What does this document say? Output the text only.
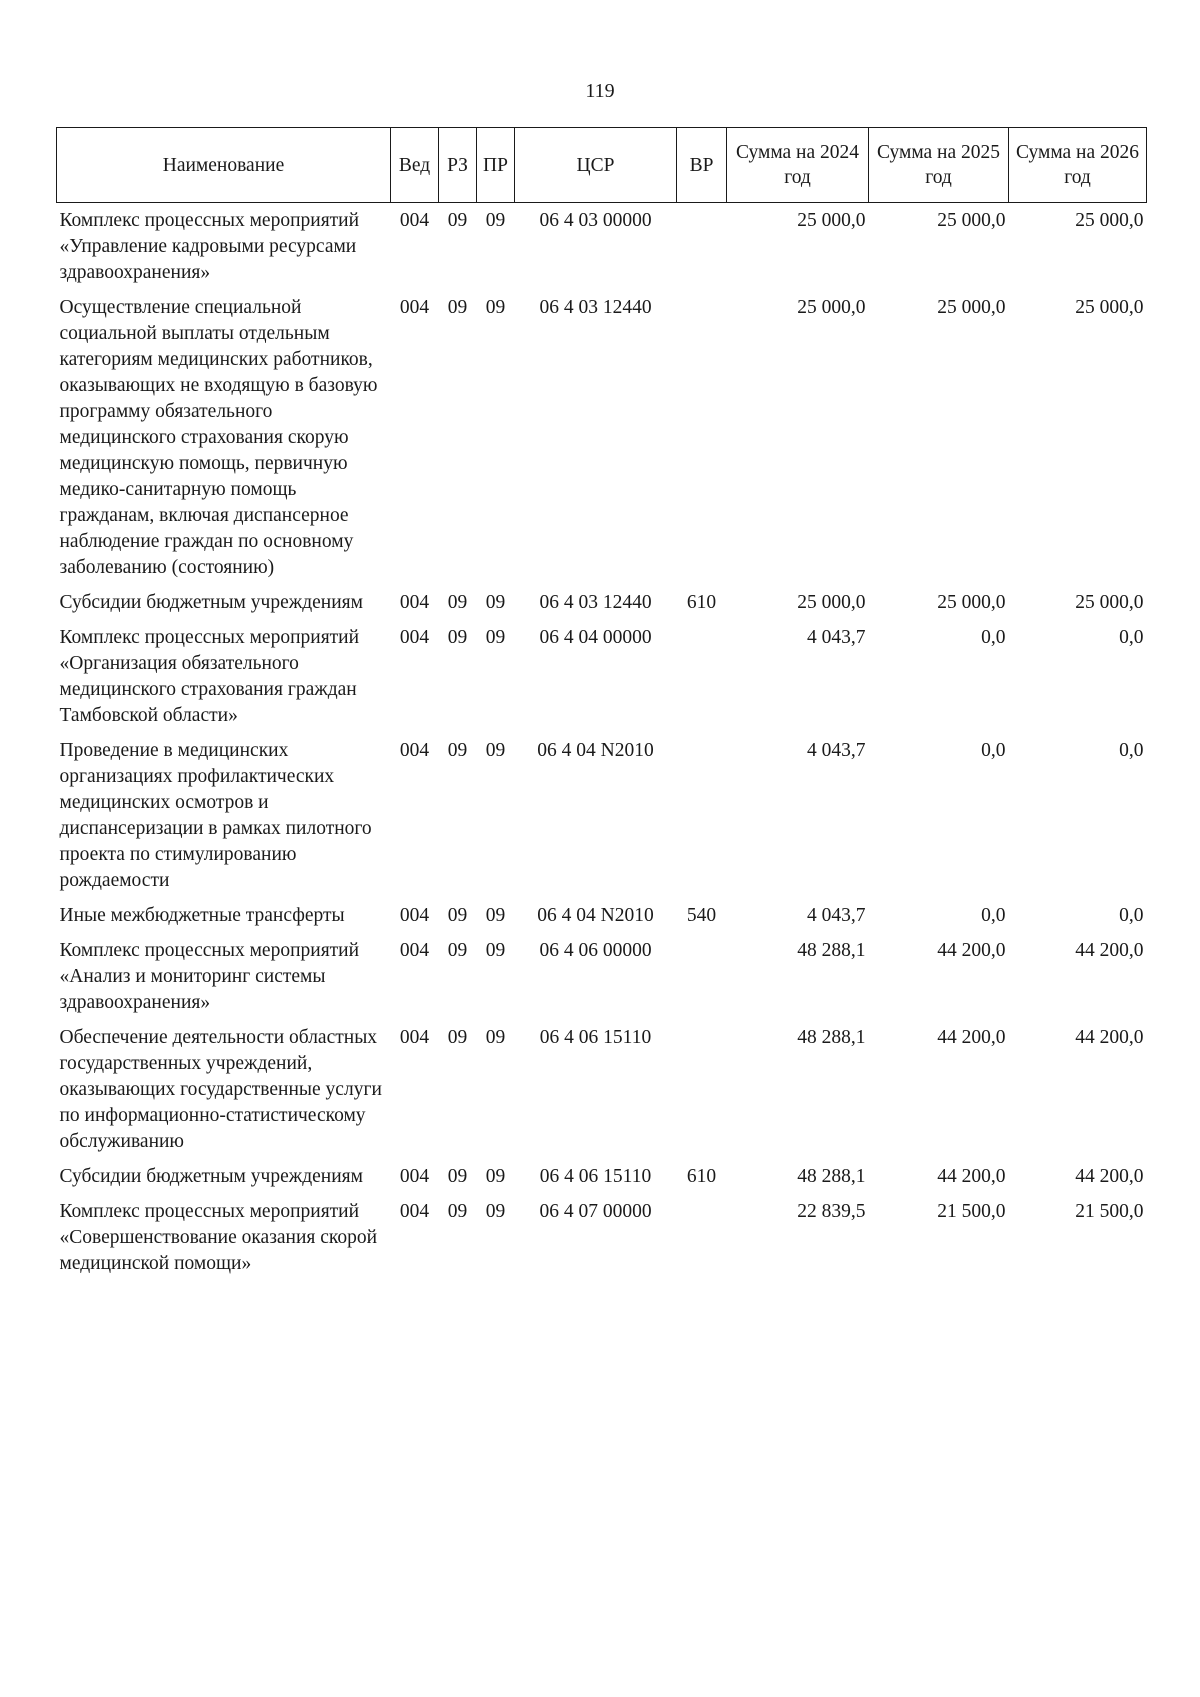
119
Наименование	Вед	РЗ	ПР	ЦСР	ВР	Сумма на 2024 год	Сумма на 2025 год	Сумма на 2026 год
Комплекс процессных мероприятий «Управление кадровыми ресурсами здравоохранения»	004	09	09	06 4 03 00000		25 000,0	25 000,0	25 000,0
Осуществление специальной социальной выплаты отдельным категориям медицинских работников, оказывающих не входящую в базовую программу обязательного медицинского страхования скорую медицинскую помощь, первичную медико-санитарную помощь гражданам, включая диспансерное наблюдение граждан по основному заболеванию (состоянию)	004	09	09	06 4 03 12440		25 000,0	25 000,0	25 000,0
Субсидии бюджетным учреждениям	004	09	09	06 4 03 12440	610	25 000,0	25 000,0	25 000,0
Комплекс процессных мероприятий «Организация обязательного медицинского страхования граждан Тамбовской области»	004	09	09	06 4 04 00000		4 043,7	0,0	0,0
Проведение в медицинских организациях профилактических медицинских осмотров и диспансеризации в рамках пилотного проекта по стимулированию рождаемости	004	09	09	06 4 04 N2010		4 043,7	0,0	0,0
Иные межбюджетные трансферты	004	09	09	06 4 04 N2010	540	4 043,7	0,0	0,0
Комплекс процессных мероприятий «Анализ и мониторинг системы здравоохранения»	004	09	09	06 4 06 00000		48 288,1	44 200,0	44 200,0
Обеспечение деятельности областных государственных учреждений, оказывающих государственные услуги по информационно-статистическому обслуживанию	004	09	09	06 4 06 15110		48 288,1	44 200,0	44 200,0
Субсидии бюджетным учреждениям	004	09	09	06 4 06 15110	610	48 288,1	44 200,0	44 200,0
Комплекс процессных мероприятий «Совершенствование оказания скорой медицинской помощи»	004	09	09	06 4 07 00000		22 839,5	21 500,0	21 500,0
